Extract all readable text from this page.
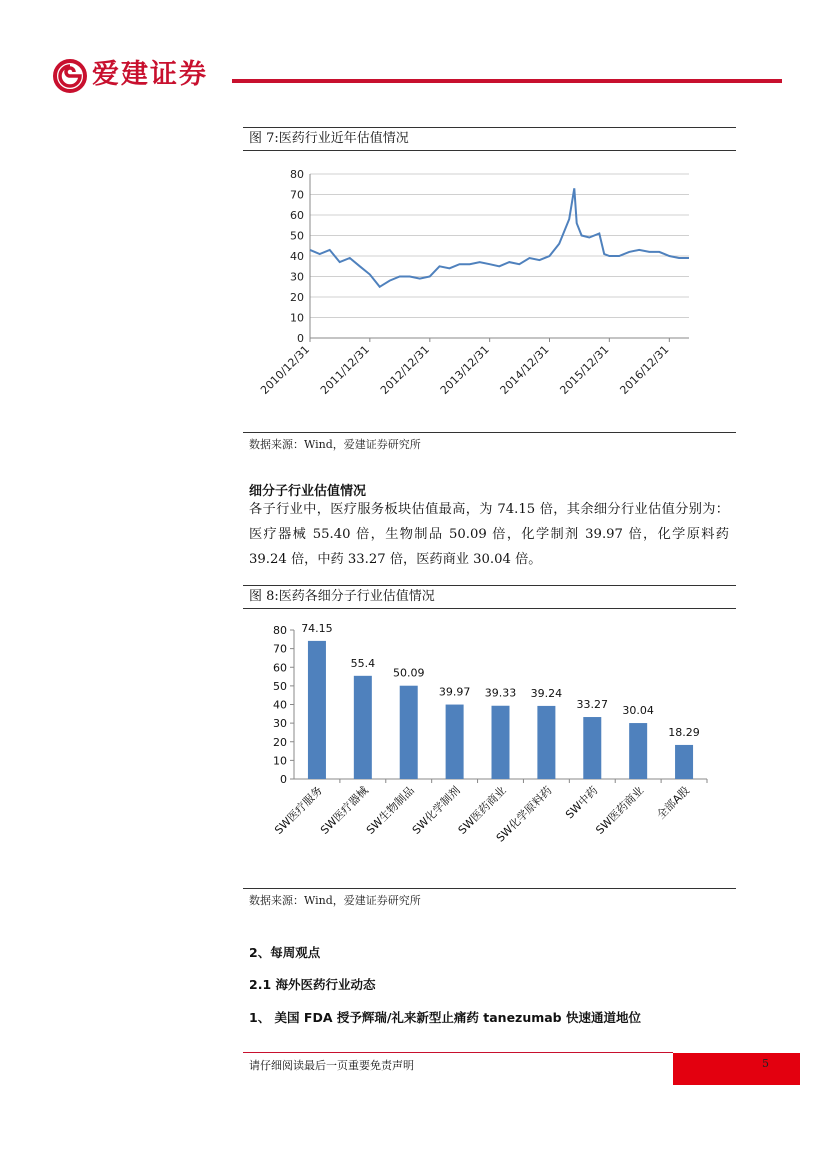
爱建证券
图 7:医药行业近年估值情况
0
10
20
30
40
50
60
70
80
2010/12/31 2011/12/31 2012/12/31 2013/12/31 2014/12/31 2015/12/31 2016/12/31
数据来源：Wind，爱建证券研究所
细分子行业估值情况
各子行业中，医疗服务板块估值最高，为 74.15 倍，其余细分行业估值分别为：医疗器械 55.40 倍，生物制品 50.09 倍，化学制剂 39.97 倍，化学原料药 39.24 倍，中药 33.27 倍，医药商业 30.04 倍。
图 8:医药各细分子行业估值情况
0
10
20
30
40
50
60
70
80 74.15
SW医疗服务
55.4
SW医疗器械
50.09
SW生物制品
39.97
SW化学制剂
39.33
SW医药商业
39.24
SW化学原料药
33.27
SW中药
30.04
SW医药商业
18.29
全部A股
数据来源：Wind，爱建证券研究所
2、每周观点
2.1 海外医药行业动态
1、 美国 FDA 授予辉瑞/礼来新型止痛药 tanezumab 快速通道地位
请仔细阅读最后一页重要免责声明	5
